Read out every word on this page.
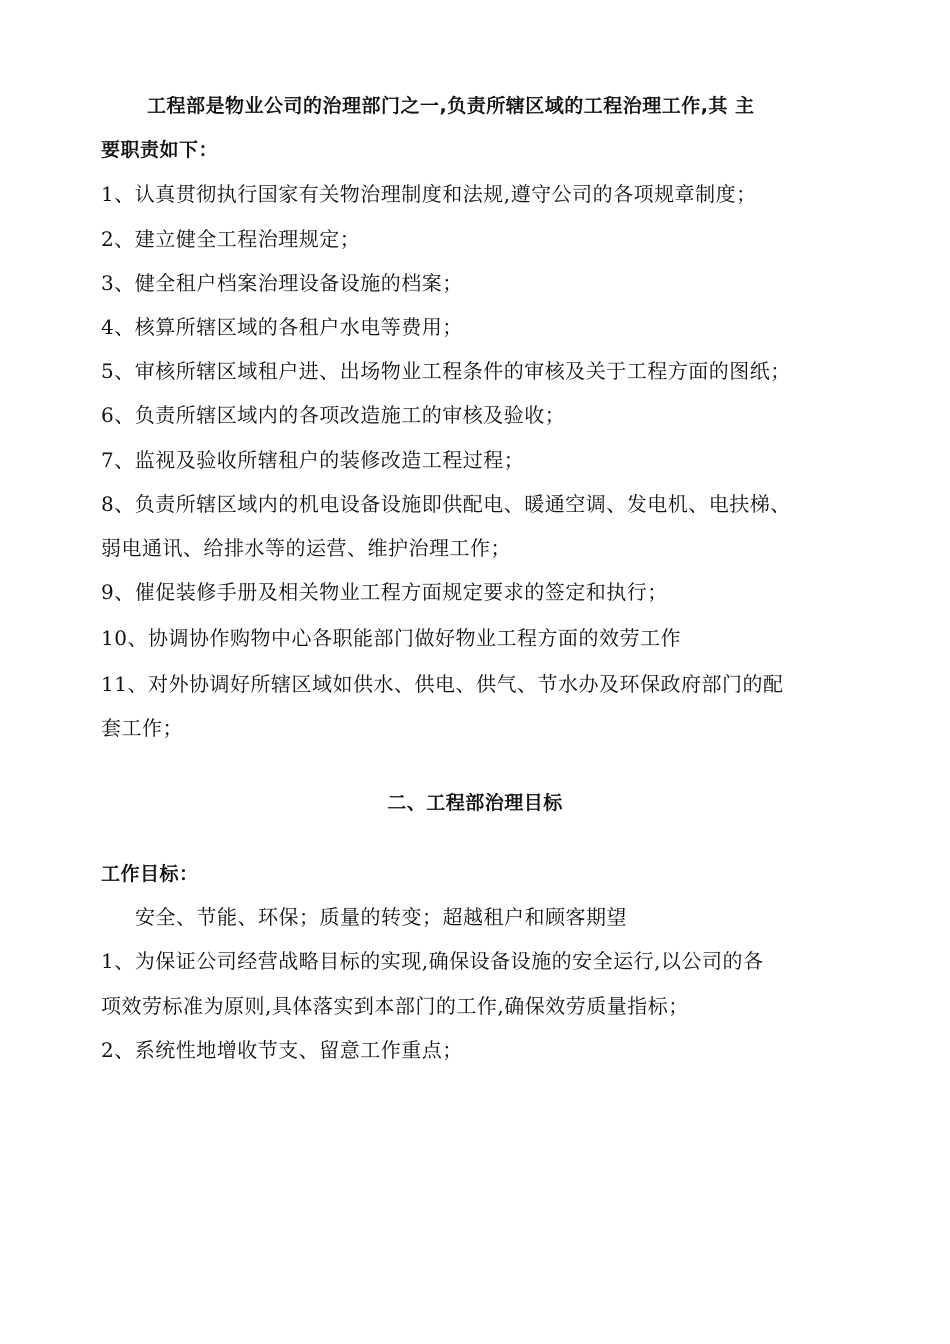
工程部是物业公司的治理部门之一,负责所辖区域的工程治理工作,其 主
要职责如下：
1、认真贯彻执行国家有关物治理制度和法规,遵守公司的各项规章制度；
2、建立健全工程治理规定；
3、健全租户档案治理设备设施的档案；
4、核算所辖区域的各租户水电等费用；
5、审核所辖区域租户进、出场物业工程条件的审核及关于工程方面的图纸；
6、负责所辖区域内的各项改造施工的审核及验收；
7、监视及验收所辖租户的装修改造工程过程；
8、负责所辖区域内的机电设备设施即供配电、暖通空调、发电机、电扶梯、
弱电通讯、给排水等的运营、维护治理工作；
9、催促装修手册及相关物业工程方面规定要求的签定和执行；
10、协调协作购物中心各职能部门做好物业工程方面的效劳工作
11、对外协调好所辖区域如供水、供电、供气、节水办及环保政府部门的配
套工作；
二、工程部治理目标
工作目标：
安全、节能、环保；质量的转变；超越租户和顾客期望
1、为保证公司经营战略目标的实现,确保设备设施的安全运行,以公司的各
项效劳标准为原则,具体落实到本部门的工作,确保效劳质量指标；
2、系统性地增收节支、留意工作重点；
